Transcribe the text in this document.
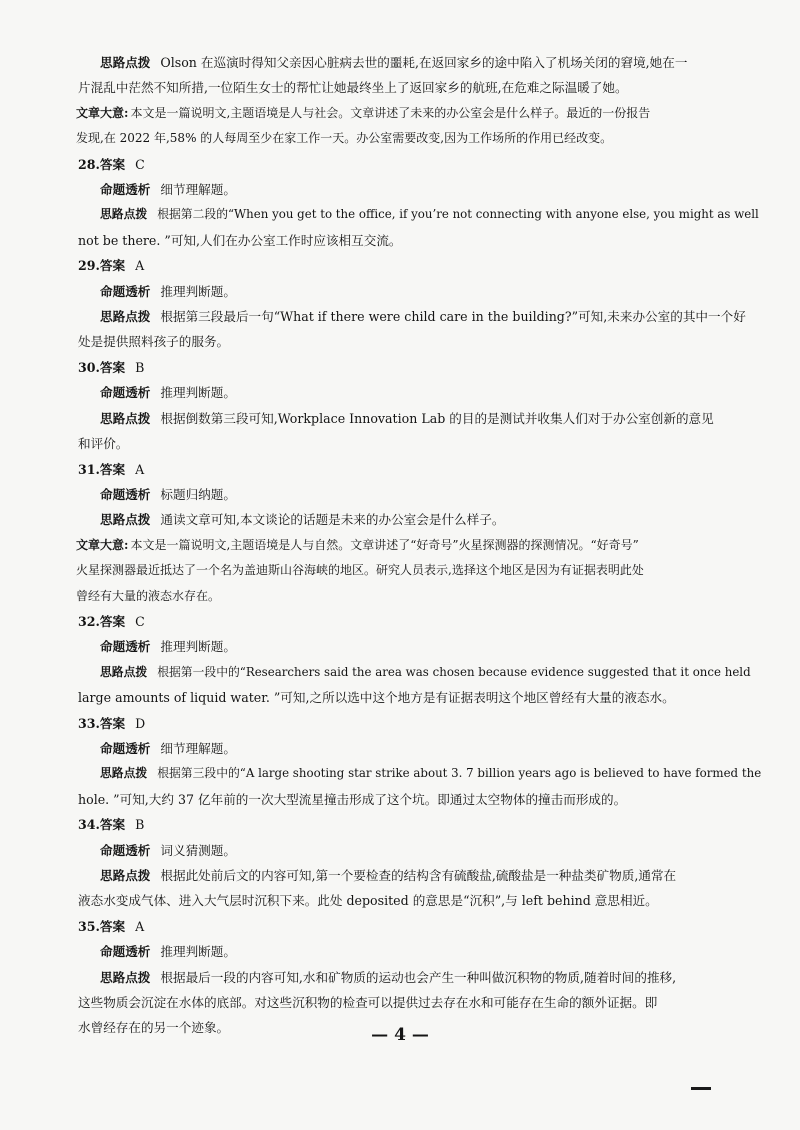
思路点拨 Olson 在巡演时得知父亲因心脏病去世的噩耗,在返回家乡的途中陷入了机场关闭的窘境,她在一
片混乱中茫然不知所措,一位陌生女士的帮忙让她最终坐上了返回家乡的航班,在危难之际温暖了她。
文章大意: 本文是一篇说明文,主题语境是人与社会。文章讲述了未来的办公室会是什么样子。最近的一份报告
发现,在 2022 年,58% 的人每周至少在家工作一天。办公室需要改变,因为工作场所的作用已经改变。
28.答案 C
命题透析 细节理解题。
思路点拨 根据第二段的“When you get to the office, if you’re not connecting with anyone else, you might as well
not be there. ”可知,人们在办公室工作时应该相互交流。
29.答案 A
命题透析 推理判断题。
思路点拨 根据第三段最后一句“What if there were child care in the building?”可知,未来办公室的其中一个好
处是提供照料孩子的服务。
30.答案 B
命题透析 推理判断题。
思路点拨 根据倒数第三段可知,Workplace Innovation Lab 的目的是测试并收集人们对于办公室创新的意见
和评价。
31.答案 A
命题透析 标题归纳题。
思路点拨 通读文章可知,本文谈论的话题是未来的办公室会是什么样子。
文章大意: 本文是一篇说明文,主题语境是人与自然。文章讲述了“好奇号”火星探测器的探测情况。“好奇号”
火星探测器最近抵达了一个名为盖迪斯山谷海峡的地区。研究人员表示,选择这个地区是因为有证据表明此处
曾经有大量的液态水存在。
32.答案 C
命题透析 推理判断题。
思路点拨 根据第一段中的“Researchers said the area was chosen because evidence suggested that it once held
large amounts of liquid water. ”可知,之所以选中这个地方是有证据表明这个地区曾经有大量的液态水。
33.答案 D
命题透析 细节理解题。
思路点拨 根据第三段中的“A large shooting star strike about 3. 7 billion years ago is believed to have formed the
hole. ”可知,大约 37 亿年前的一次大型流星撞击形成了这个坑。即通过太空物体的撞击而形成的。
34.答案 B
命题透析 词义猜测题。
思路点拨 根据此处前后文的内容可知,第一个要检查的结构含有硫酸盐,硫酸盐是一种盐类矿物质,通常在
液态水变成气体、进入大气层时沉积下来。此处 deposited 的意思是“沉积”,与 left behind 意思相近。
35.答案 A
命题透析 推理判断题。
思路点拨 根据最后一段的内容可知,水和矿物质的运动也会产生一种叫做沉积物的物质,随着时间的推移,
这些物质会沉淀在水体的底部。对这些沉积物的检查可以提供过去存在水和可能存在生命的额外证据。即
水曾经存在的另一个迹象。	— 4 —
